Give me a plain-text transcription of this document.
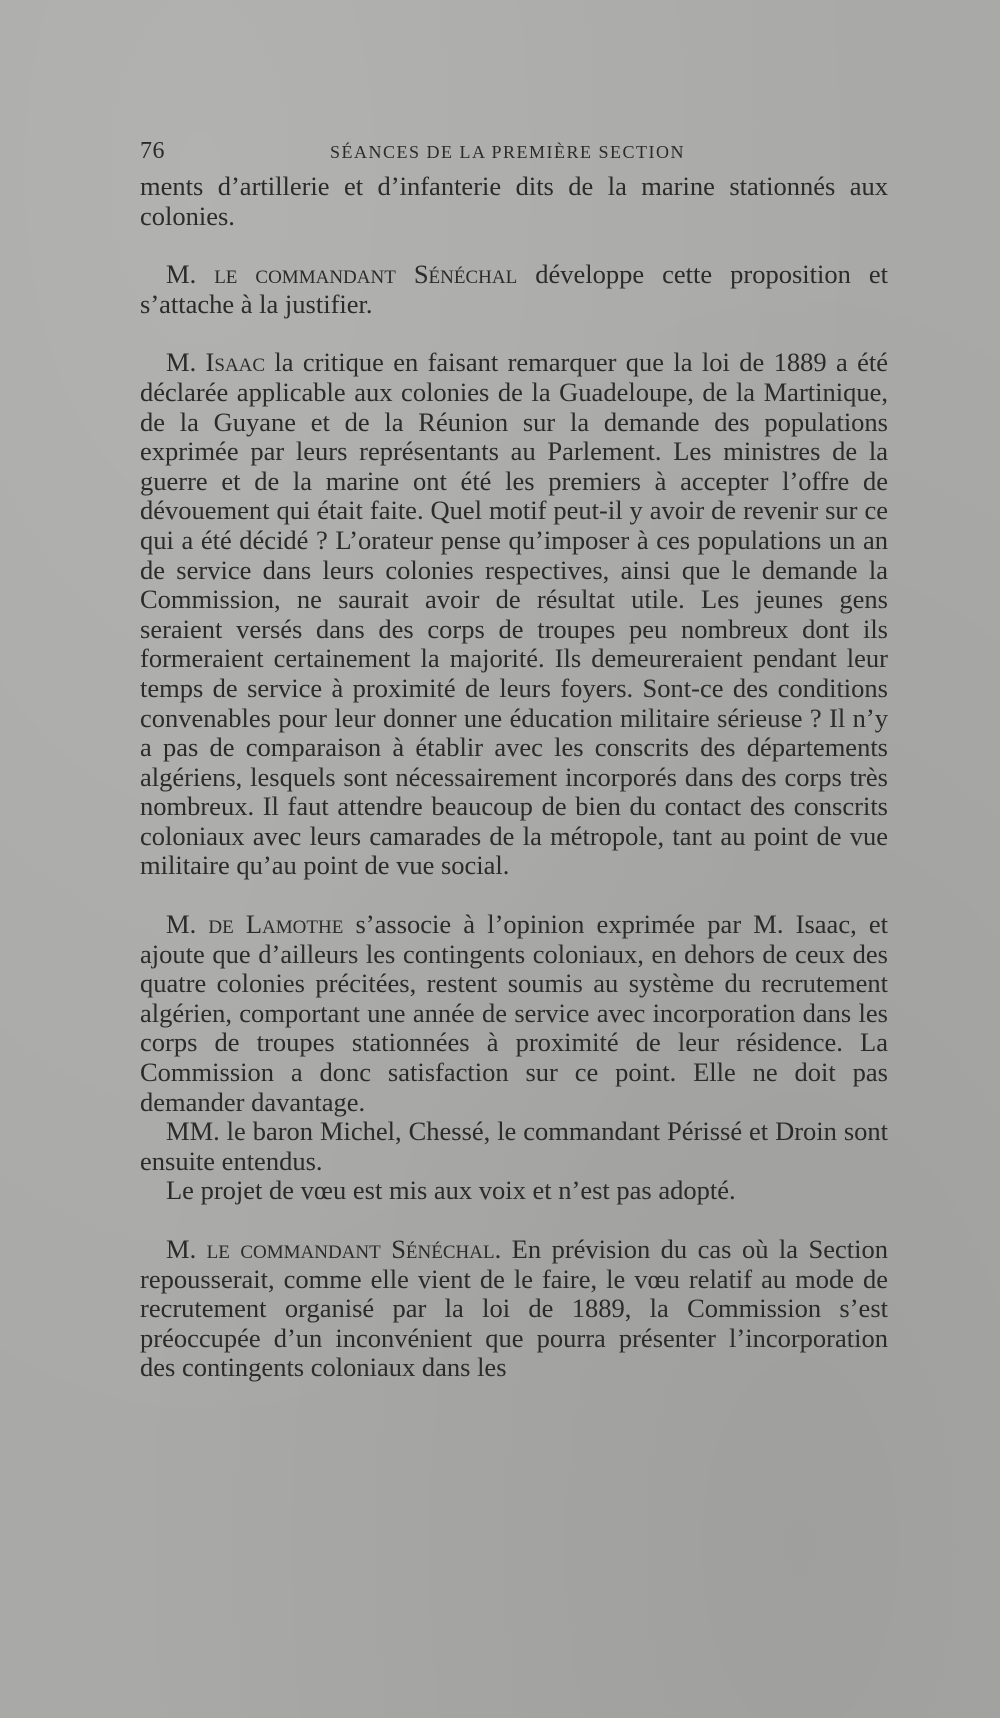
76	SÉANCES DE LA PREMIÈRE SECTION

ments d’artillerie et d’infanterie dits de la marine stationnés aux colonies.

M. le commandant Sénéchal développe cette proposition et s’attache à la justifier.

M. Isaac la critique en faisant remarquer que la loi de 1889 a été déclarée applicable aux colonies de la Guadeloupe, de la Martinique, de la Guyane et de la Réunion sur la demande des populations exprimée par leurs représentants au Parlement. Les ministres de la guerre et de la marine ont été les premiers à accepter l’offre de dévouement qui était faite. Quel motif peut-il y avoir de revenir sur ce qui a été décidé ? L’orateur pense qu’imposer à ces populations un an de service dans leurs colonies respectives, ainsi que le demande la Commission, ne saurait avoir de résultat utile. Les jeunes gens seraient versés dans des corps de troupes peu nombreux dont ils formeraient certainement la majorité. Ils demeureraient pendant leur temps de service à proximité de leurs foyers. Sont-ce des conditions convenables pour leur donner une éducation militaire sérieuse ? Il n’y a pas de comparaison à établir avec les conscrits des départements algériens, lesquels sont nécessairement incorporés dans des corps très nombreux. Il faut attendre beaucoup de bien du contact des conscrits coloniaux avec leurs camarades de la métropole, tant au point de vue militaire qu’au point de vue social.

M. de Lamothe s’associe à l’opinion exprimée par M. Isaac, et ajoute que d’ailleurs les contingents coloniaux, en dehors de ceux des quatre colonies précitées, restent soumis au système du recrutement algérien, comportant une année de service avec incorporation dans les corps de troupes stationnées à proximité de leur résidence. La Commission a donc satisfaction sur ce point. Elle ne doit pas demander davantage.

MM. le baron Michel, Chessé, le commandant Périssé et Droin sont ensuite entendus.

Le projet de vœu est mis aux voix et n’est pas adopté.

M. le commandant Sénéchal. En prévision du cas où la Section repousserait, comme elle vient de le faire, le vœu relatif au mode de recrutement organisé par la loi de 1889, la Commission s’est préoccupée d’un inconvénient que pourra présenter l’incorporation des contingents coloniaux dans les
